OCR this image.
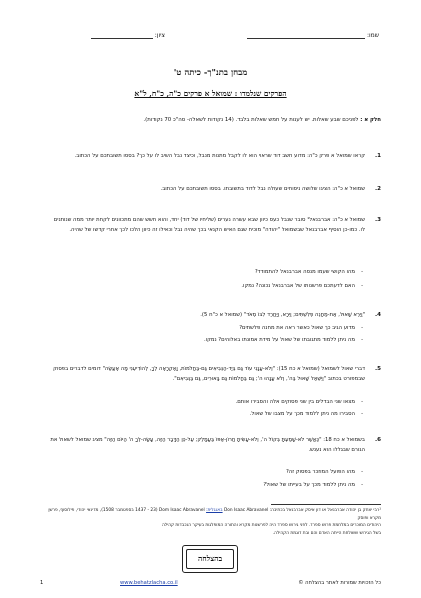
שמו:
ציון:
מבחן בתנ"ך- כיתה ט'
הפרקים שנלמדו : שמואל א פרקים כ"ה, כ"ח, ל"א
חלק א : לפניכם שבע שאלות. יש לענות על חמש שאלות בלבד. (14 נקודות לשאלה- סה"כ 70 נקודות).
1.
קראו שמואל א פרק כ"ה: מדוע חשב דוד שראוי הוא לו לקבל מתנות מנבל, וכיצד נבל השיב לו על כך? בססו תשובתכם על הכתוב.
2.
שמואל א כ"ה: הציגו שלושה ניסוחים שעולה נבל לדוד בתשובתו. בססו תשובתכם על הכתוב.
3.
שמואל א כ"ה: אברבנאל¹ סובר שנבל כעס כיוון שבא עשרה נערים (שליחיו של דוד) יחד, והוא חשש שהם מתכוונים לקחת יותר ממה שנותנים לו. כמו-כן הוסיף אברבנאל שבשמואל "יהודה" מוכיח שגם האיש הקנאי בכך שהיה נבל וכאילו זה כיוון הלכו לכך אחרי קדשו של שהיה.
- מהו הקושי שעמו מנסה אברבנאל להתמודד?
- האם לדעתכם פרשנותו של אברבנאל נכונה? נמקו.
4.
"וַיַּרְא שָׁאוּל, אֶת-מַחֲנֵה פְלִשְׁתִּים; וַיִּרָא, וַיֶּחֱרַד לִבּוֹ מְאֹד" (שמואל א כ"ח 5).
- מדוע הגיב כך שאול כאשר ראה את מחנה פלשתים?
- מה ניתן ללמוד מתגובתו של שאול על מידת אמונתו באלוהים? נמקו.
5.
דברי שאול לשמואל (שמואל א כח 15): "וְלֹא-עָנָנִי עוֹד גַּם בְּיַד-הַנְּבִיאִים גַּם-בַּחֲלֹמוֹת, וָאֶקְרָאֶה לְךָ, לְהוֹדִיעֵנִי מָה אֶעֱשֶׂה" דומים לדברים בפסוק שבמפורט בכתוב "וַיִּשְׁאַל שָׁאוּל בַּה', וְלֹא עָנָהוּ ה'; גַּם בַּחֲלֹמוֹת גַּם בָּאוּרִים, גַּם בַּנְּבִיאִם".
- מצאו שני הבדלים בין שני פסוקים אלה והסבירו אותם.
- הסבירו מה ניתן ללמוד מכך על מצבו של שאול.
6.
בשמואל א כח 18: "כַּאֲשֶׁר לֹא-שָׁמַעְתָּ בְּקוֹל ה', וְלֹא-עָשִׂיתָ חֲרוֹן-אַפּוֹ בַּעֲמָלֵק; עַל-כֵּן הַדָּבָר הַזֶּה, עָשָׂה-לְךָ ה' הַיּוֹם הַזֶּה" מציג שמואל לשאול את הגורם שבגללו הוא נענש.
- מהו הפועל המוזכר בפסוק זה?
- מה ניתן ללמוד מכך על בעייתו של שאול?
¹רבי יצחק בן יהודה אברבנאל או דון איסק אברבנאל בכתיבה: Don Isaac Abravanel באנגלית: Dom Isaac Abravanel (1437 - 23 בספטמבר 1508), מדינאי יהודי, פילוסוף, פרשן מקרא ופוסק
היהודים המוכרים במלחמת פרוש ספרד. לפני גירוש ספרד היה לפרשנות מקרא והתורה המופלגות בעיקר הנכבדות קהילה
בשל הגירוש ששולחת הייתה האדם והם ובת דוגמת הקהילה.
בהצלחה
1	www.behatzlacha.co.il	כל הזכויות שמורות לאתר בהצלחה ©
